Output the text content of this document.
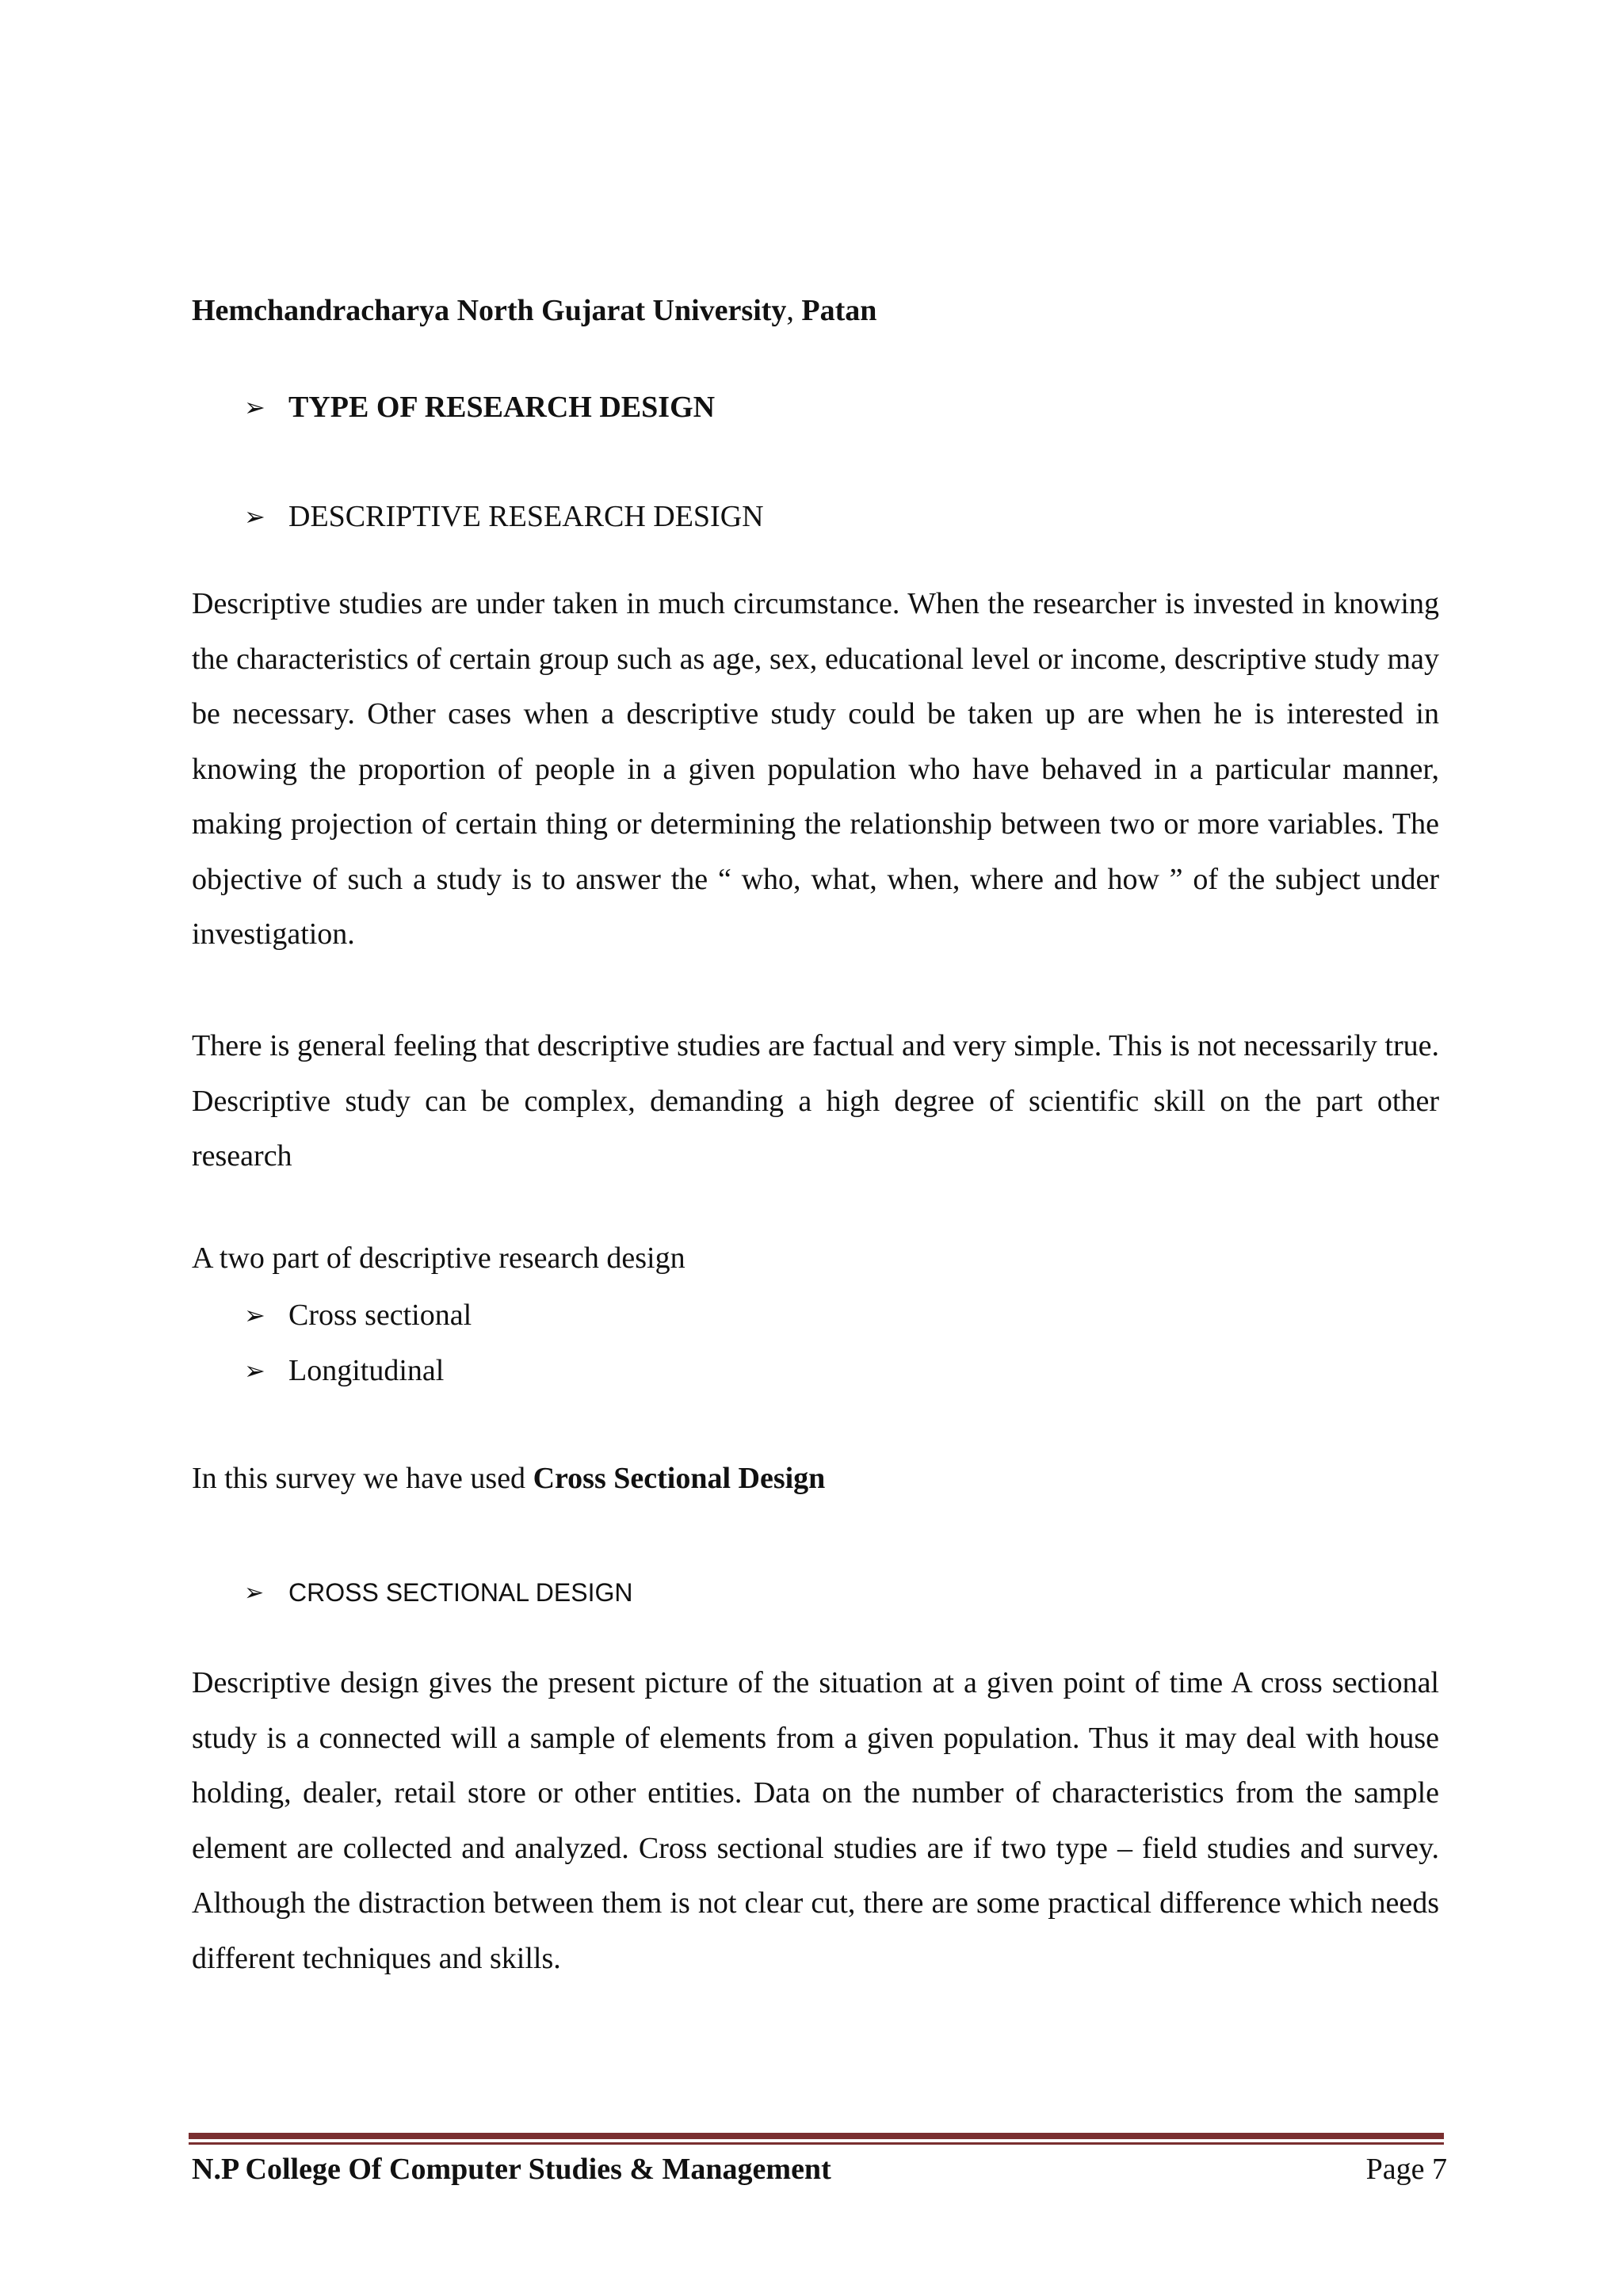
Hemchandracharya North Gujarat University, Patan
➢ TYPE OF RESEARCH DESIGN
➢ DESCRIPTIVE RESEARCH DESIGN

Descriptive studies are under taken in much circumstance. When the researcher is invested in knowing the characteristics of certain group such as age, sex, educational level or income, descriptive study may be necessary. Other cases when a descriptive study could be taken up are when he is interested in knowing the proportion of people in a given population who have behaved in a particular manner, making projection of certain thing or determining the relationship between two or more variables. The objective of such a study is to answer the “ who, what, when, where and how ” of the subject under investigation.

There is general feeling that descriptive studies are factual and very simple. This is not necessarily true. Descriptive study can be complex, demanding a high degree of scientific skill on the part other research

A two part of descriptive research design

➢ Cross sectional
➢ Longitudinal

In this survey we have used Cross Sectional Design

➢ CROSS SECTIONAL DESIGN

Descriptive design gives the present picture of the situation at a given point of time A cross sectional study is a connected will a sample of elements from a given population. Thus it may deal with house holding, dealer, retail store or other entities. Data on the number of characteristics from the sample element are collected and analyzed. Cross sectional studies are if two type – field studies and survey. Although the distraction between them is not clear cut, there are some practical difference which needs different techniques and skills.

N.P College Of Computer Studies & Management	Page 7
